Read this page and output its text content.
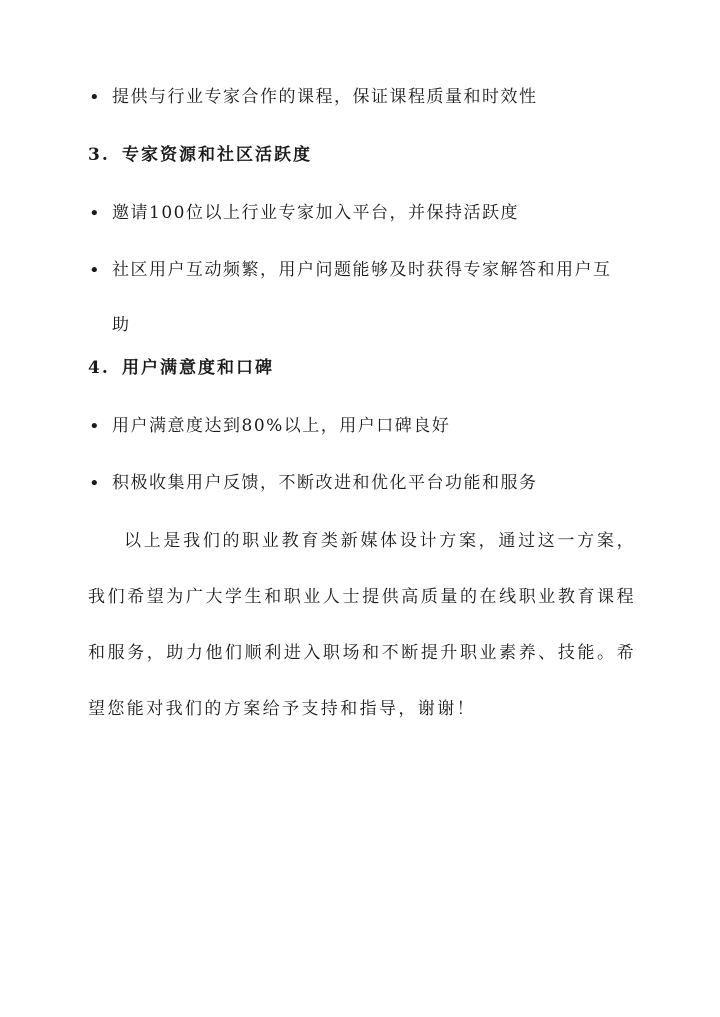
• 提供与行业专家合作的课程，保证课程质量和时效性
3. 专家资源和社区活跃度
• 邀请100位以上行业专家加入平台，并保持活跃度
• 社区用户互动频繁，用户问题能够及时获得专家解答和用户互助
4. 用户满意度和口碑
• 用户满意度达到80%以上，用户口碑良好
• 积极收集用户反馈，不断改进和优化平台功能和服务

以上是我们的职业教育类新媒体设计方案，通过这一方案，我们希望为广大学生和职业人士提供高质量的在线职业教育课程和服务，助力他们顺利进入职场和不断提升职业素养、技能。希望您能对我们的方案给予支持和指导，谢谢！
